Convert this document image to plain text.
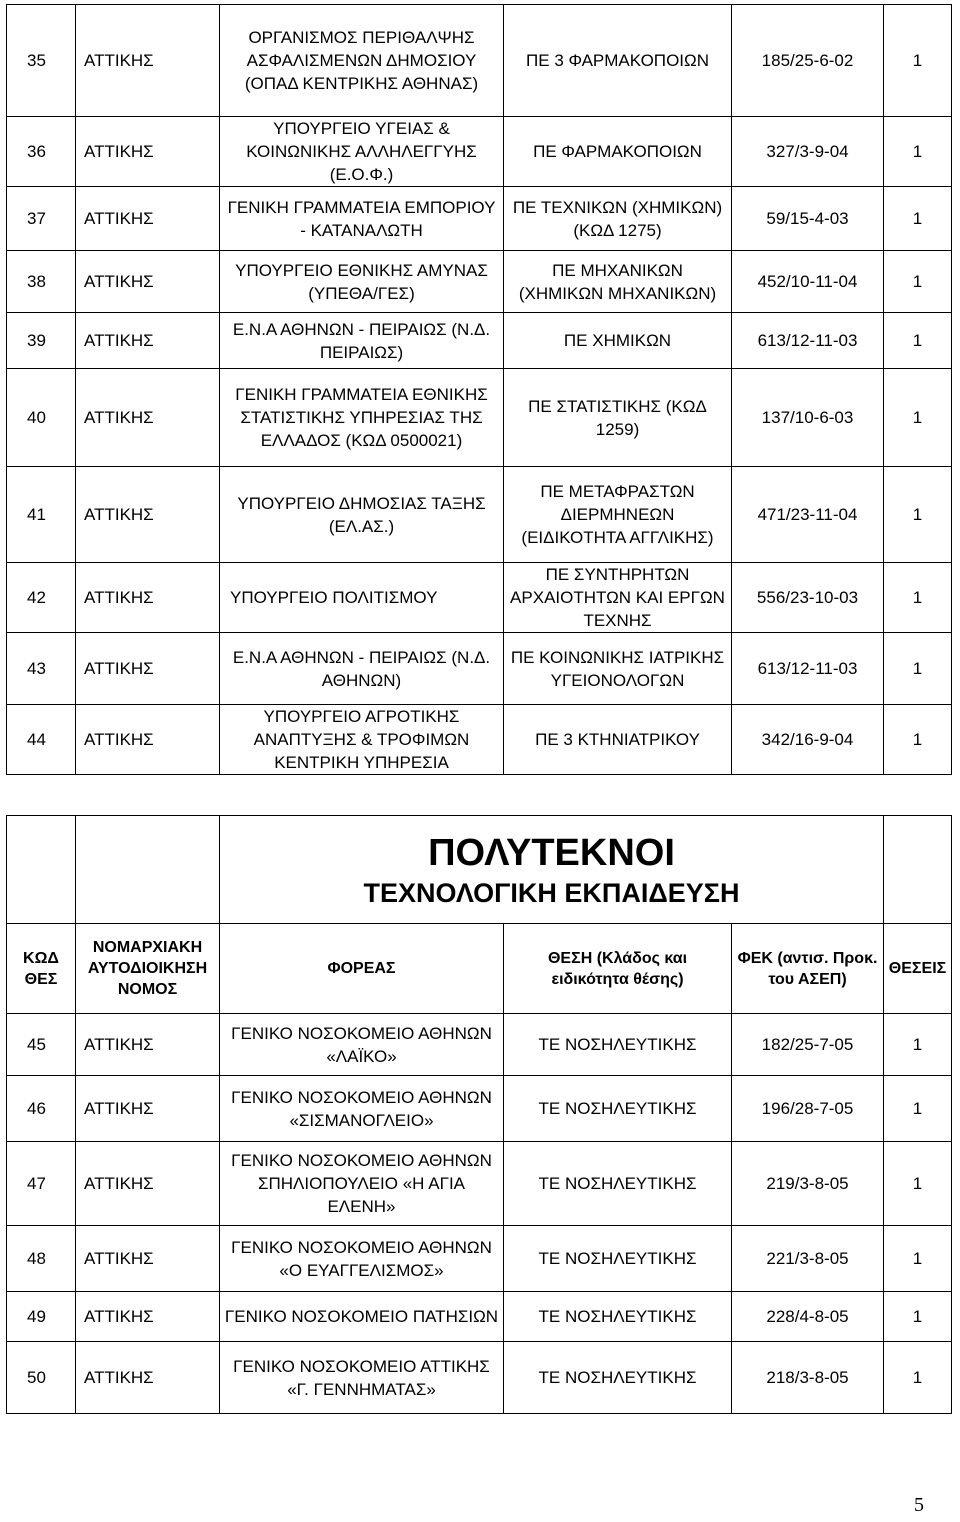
35	ΑΤΤΙΚΗΣ	ΟΡΓΑΝΙΣΜΟΣ ΠΕΡΙΘΑΛΨΗΣ ΑΣΦΑΛΙΣΜΕΝΩΝ ΔΗΜΟΣΙΟΥ (ΟΠΑΔ ΚΕΝΤΡΙΚΗΣ ΑΘΗΝΑΣ)	ΠΕ 3 ΦΑΡΜΑΚΟΠΟΙΩΝ	185/25-6-02	1
36	ΑΤΤΙΚΗΣ	ΥΠΟΥΡΓΕΙΟ ΥΓΕΙΑΣ & ΚΟΙΝΩΝΙΚΗΣ ΑΛΛΗΛΕΓΓΥΗΣ (Ε.Ο.Φ.)	ΠΕ ΦΑΡΜΑΚΟΠΟΙΩΝ	327/3-9-04	1
37	ΑΤΤΙΚΗΣ	ΓΕΝΙΚΗ ΓΡΑΜΜΑΤΕΙΑ ΕΜΠΟΡΙΟΥ - ΚΑΤΑΝΑΛΩΤΗ	ΠΕ ΤΕΧΝΙΚΩΝ (ΧΗΜΙΚΩΝ) (ΚΩΔ 1275)	59/15-4-03	1
38	ΑΤΤΙΚΗΣ	ΥΠΟΥΡΓΕΙΟ ΕΘΝΙΚΗΣ ΑΜΥΝΑΣ (ΥΠΕΘΑ/ΓΕΣ)	ΠΕ ΜΗΧΑΝΙΚΩΝ (ΧΗΜΙΚΩΝ ΜΗΧΑΝΙΚΩΝ)	452/10-11-04	1
39	ΑΤΤΙΚΗΣ	Ε.Ν.Α ΑΘΗΝΩΝ - ΠΕΙΡΑΙΩΣ (Ν.Δ. ΠΕΙΡΑΙΩΣ)	ΠΕ ΧΗΜΙΚΩΝ	613/12-11-03	1
40	ΑΤΤΙΚΗΣ	ΓΕΝΙΚΗ ΓΡΑΜΜΑΤΕΙΑ ΕΘΝΙΚΗΣ ΣΤΑΤΙΣΤΙΚΗΣ ΥΠΗΡΕΣΙΑΣ ΤΗΣ ΕΛΛΑΔΟΣ (ΚΩΔ 0500021)	ΠΕ ΣΤΑΤΙΣΤΙΚΗΣ (ΚΩΔ 1259)	137/10-6-03	1
41	ΑΤΤΙΚΗΣ	ΥΠΟΥΡΓΕΙΟ ΔΗΜΟΣΙΑΣ ΤΑΞΗΣ (ΕΛ.ΑΣ.)	ΠΕ ΜΕΤΑΦΡΑΣΤΩΝ ΔΙΕΡΜΗΝΕΩΝ (ΕΙΔΙΚΟΤΗΤΑ ΑΓΓΛΙΚΗΣ)	471/23-11-04	1
42	ΑΤΤΙΚΗΣ	ΥΠΟΥΡΓΕΙΟ ΠΟΛΙΤΙΣΜΟΥ	ΠΕ ΣΥΝΤΗΡΗΤΩΝ ΑΡΧΑΙΟΤΗΤΩΝ ΚΑΙ ΕΡΓΩΝ ΤΕΧΝΗΣ	556/23-10-03	1
43	ΑΤΤΙΚΗΣ	Ε.Ν.Α ΑΘΗΝΩΝ - ΠΕΙΡΑΙΩΣ (Ν.Δ. ΑΘΗΝΩΝ)	ΠΕ ΚΟΙΝΩΝΙΚΗΣ ΙΑΤΡΙΚΗΣ ΥΓΕΙΟΝΟΛΟΓΩΝ	613/12-11-03	1
44	ΑΤΤΙΚΗΣ	ΥΠΟΥΡΓΕΙΟ ΑΓΡΟΤΙΚΗΣ ΑΝΑΠΤΥΞΗΣ & ΤΡΟΦΙΜΩΝ ΚΕΝΤΡΙΚΗ ΥΠΗΡΕΣΙΑ	ΠΕ 3 ΚΤΗΝΙΑΤΡΙΚΟΥ	342/16-9-04	1

		ΠΟΛΥΤΕΚΝΟΙ
ΤΕΧΝΟΛΟΓΙΚΗ ΕΚΠΑΙΔΕΥΣΗ			

ΚΩΔ ΘΕΣ	ΝΟΜΑΡΧΙΑΚΗ ΑΥΤΟΔΙΟΙΚΗΣΗ ΝΟΜΟΣ	ΦΟΡΕΑΣ	ΘΕΣΗ (Κλάδος και ειδικότητα θέσης)	ΦΕΚ (αντισ. Προκ. του ΑΣΕΠ)	ΘΕΣΕΙΣ
45	ΑΤΤΙΚΗΣ	ΓΕΝΙΚΟ ΝΟΣΟΚΟΜΕΙΟ ΑΘΗΝΩΝ «ΛΑΪΚΟ»	ΤΕ ΝΟΣΗΛΕΥΤΙΚΗΣ	182/25-7-05	1
46	ΑΤΤΙΚΗΣ	ΓΕΝΙΚΟ ΝΟΣΟΚΟΜΕΙΟ ΑΘΗΝΩΝ «ΣΙΣΜΑΝΟΓΛΕΙΟ»	ΤΕ ΝΟΣΗΛΕΥΤΙΚΗΣ	196/28-7-05	1
47	ΑΤΤΙΚΗΣ	ΓΕΝΙΚΟ ΝΟΣΟΚΟΜΕΙΟ ΑΘΗΝΩΝ ΣΠΗΛΙΟΠΟΥΛΕΙΟ «Η ΑΓΙΑ ΕΛΕΝΗ»	ΤΕ ΝΟΣΗΛΕΥΤΙΚΗΣ	219/3-8-05	1
48	ΑΤΤΙΚΗΣ	ΓΕΝΙΚΟ ΝΟΣΟΚΟΜΕΙΟ ΑΘΗΝΩΝ «Ο ΕΥΑΓΓΕΛΙΣΜΟΣ»	ΤΕ ΝΟΣΗΛΕΥΤΙΚΗΣ	221/3-8-05	1
49	ΑΤΤΙΚΗΣ	ΓΕΝΙΚΟ ΝΟΣΟΚΟΜΕΙΟ ΠΑΤΗΣΙΩΝ	ΤΕ ΝΟΣΗΛΕΥΤΙΚΗΣ	228/4-8-05	1
50	ΑΤΤΙΚΗΣ	ΓΕΝΙΚΟ ΝΟΣΟΚΟΜΕΙΟ ΑΤΤΙΚΗΣ «Γ. ΓΕΝΝΗΜΑΤΑΣ»	ΤΕ ΝΟΣΗΛΕΥΤΙΚΗΣ	218/3-8-05	1
5
